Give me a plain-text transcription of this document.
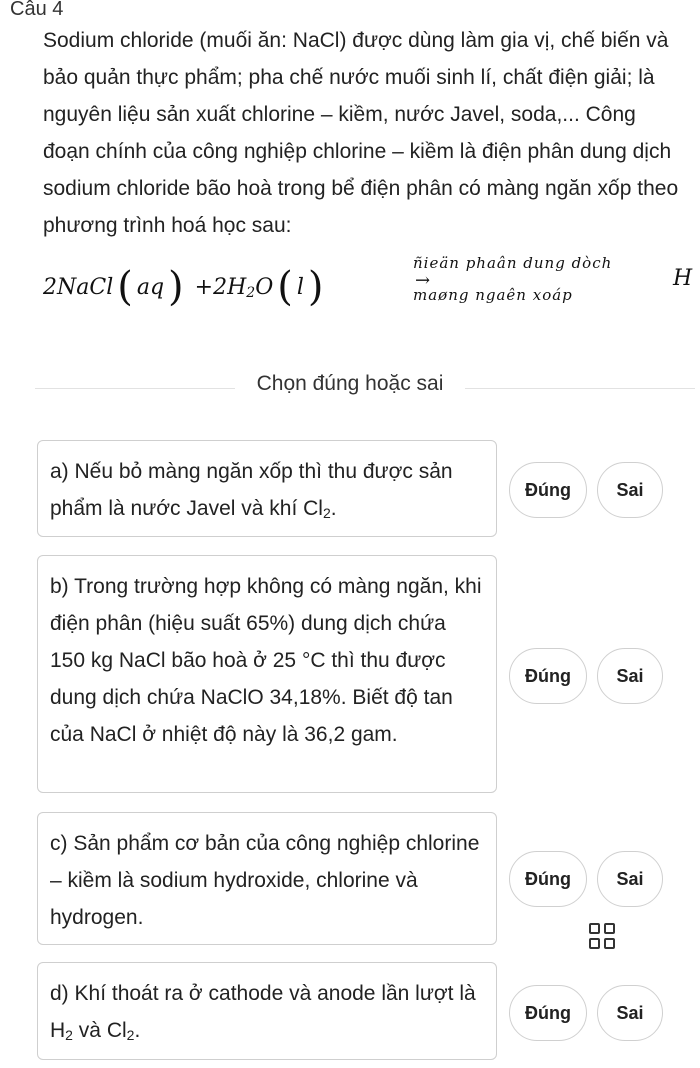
Câu 4
Sodium chloride (muối ăn: NaCl) được dùng làm gia vị, chế biến và bảo quản thực phẩm; pha chế nước muối sinh lí, chất điện giải; là nguyên liệu sản xuất chlorine – kiềm, nước Javel, soda,... Công đoạn chính của công nghiệp chlorine – kiềm là điện phân dung dịch sodium chloride bão hoà trong bể điện phân có màng ngăn xốp theo phương trình hoá học sau:
2NaCl ( aq ) $+2H_2O$ ( l )
ñieän phaân dung dòch
→
maøng ngaên xoáp
H
Chọn đúng hoặc sai
a) Nếu bỏ màng ngăn xốp thì thu được sản phẩm là nước Javel và khí $Cl_2$.
Đúng	Sai
b) Trong trường hợp không có màng ngăn, khi điện phân (hiệu suất 65%) dung dịch chứa 150 kg NaCl bão hoà ở 25 °C thì thu được dung dịch chứa NaClO 34,18%. Biết độ tan của NaCl ở nhiệt độ này là 36,2 gam.
Đúng	Sai
c) Sản phẩm cơ bản của công nghiệp chlorine – kiềm là sodium hydroxide, chlorine và hydrogen.
Đúng	Sai
d) Khí thoát ra ở cathode và anode lần lượt là $H_2$ và $Cl_2$.
Đúng	Sai
